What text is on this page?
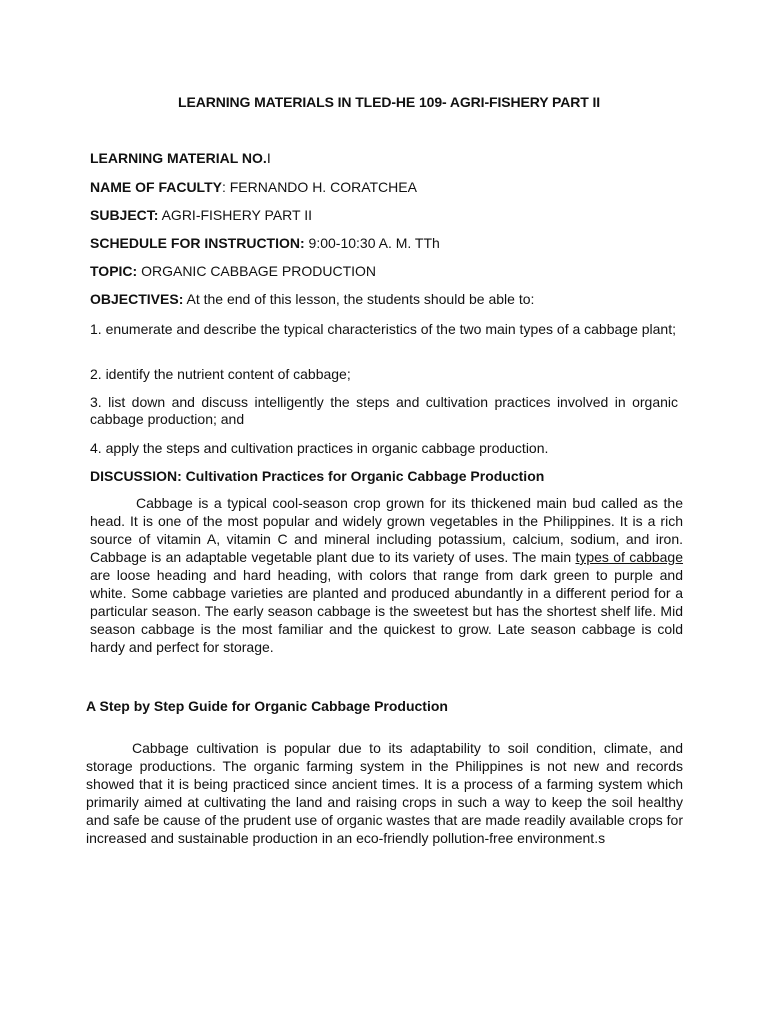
LEARNING MATERIALS IN TLED-HE 109- AGRI-FISHERY PART II
LEARNING MATERIAL NO.I
NAME OF FACULTY: FERNANDO H. CORATCHEA
SUBJECT: AGRI-FISHERY PART II
SCHEDULE FOR INSTRUCTION: 9:00-10:30 A. M. TTh
TOPIC: ORGANIC CABBAGE PRODUCTION
OBJECTIVES: At the end of this lesson, the students should be able to:
1. enumerate and describe the typical characteristics of the two main types of a cabbage plant;
2. identify the nutrient content of cabbage;
3. list down and discuss intelligently the steps and cultivation practices involved in organic cabbage production; and
4. apply the steps and cultivation practices in organic cabbage production.
DISCUSSION: Cultivation Practices for Organic Cabbage Production
Cabbage is a typical cool-season crop grown for its thickened main bud called as the head. It is one of the most popular and widely grown vegetables in the Philippines. It is a rich source of vitamin A, vitamin C and mineral including potassium, calcium, sodium, and iron. Cabbage is an adaptable vegetable plant due to its variety of uses. The main types of cabbage are loose heading and hard heading, with colors that range from dark green to purple and white. Some cabbage varieties are planted and produced abundantly in a different period for a particular season. The early season cabbage is the sweetest but has the shortest shelf life. Mid season cabbage is the most familiar and the quickest to grow. Late season cabbage is cold hardy and perfect for storage.
A Step by Step Guide for Organic Cabbage Production
Cabbage cultivation is popular due to its adaptability to soil condition, climate, and storage productions. The organic farming system in the Philippines is not new and records showed that it is being practiced since ancient times. It is a process of a farming system which primarily aimed at cultivating the land and raising crops in such a way to keep the soil healthy and safe be cause of the prudent use of organic wastes that are made readily available crops for increased and sustainable production in an eco-friendly pollution-free environment.s
